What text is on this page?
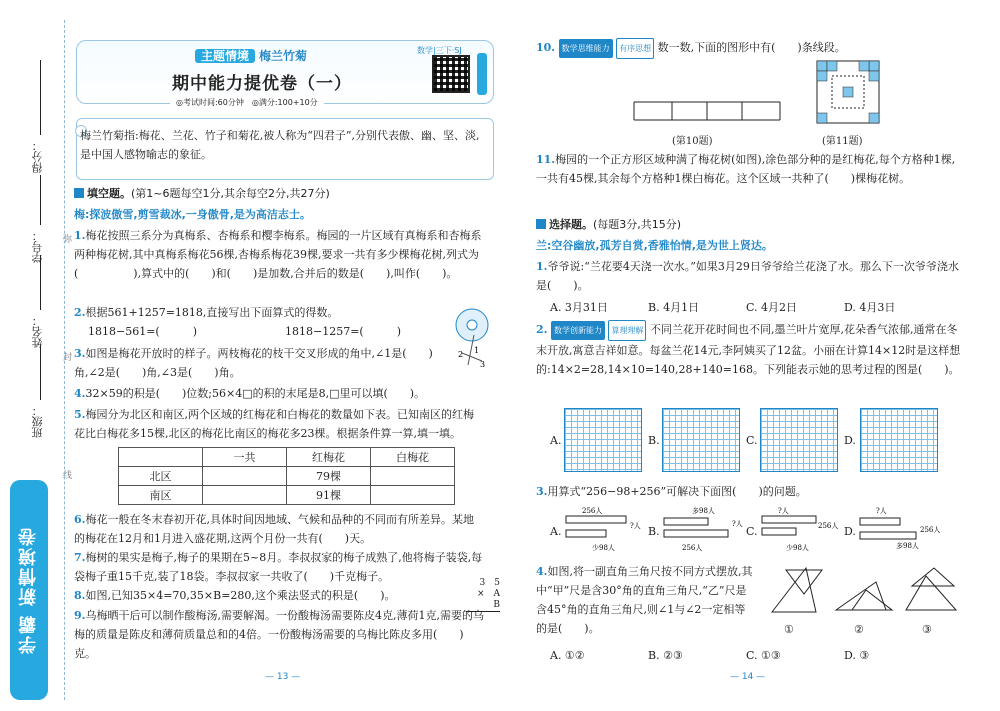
得分：
学号：
姓名：
班级：
弥
封
线
学霸 新情境卷
主题情境 梅兰竹菊
期中能力提优卷（一）
数学|三下·SJ
◎考试时间:60分钟　◎满分:100+10分
梅兰竹菊指:梅花、兰花、竹子和菊花,被人称为“四君子”,分别代表傲、幽、坚、淡,是中国人感物喻志的象征。
填空题。(第1~6题每空1分,其余每空2分,共27分)
梅:探波傲雪,剪雪裁冰,一身傲骨,是为高洁志士。
1.梅花按照三系分为真梅系、杏梅系和樱李梅系。梅园的一片区域有真梅系和杏梅系两种梅花树,其中真梅系梅花56棵,杏梅系梅花39棵,要求一共有多少棵梅花树,列式为(　　　　　),算式中的(　　)和(　　)是加数,合并后的数是(　　),叫作(　　)。
2.根据561+1257=1818,直接写出下面算式的得数。
1818−561=(　　　)　　　　　　　　1818−1257=(　　　)
2 1
3
3.如图是梅花开放时的样子。两枝梅花的枝干交叉形成的角中,∠1是(　　)角,∠2是(　　)角,∠3是(　　)角。
4.32×59的积是(　　)位数;56×4□的积的末尾是8,□里可以填(　　)。
5.梅园分为北区和南区,两个区域的红梅花和白梅花的数量如下表。已知南区的红梅花比白梅花多15棵,北区的梅花比南区的梅花多23棵。根据条件算一算,填一填。
	一共	红梅花	白梅花
北区		79棵	
南区		91棵	
6.梅花一般在冬末春初开花,具体时间因地域、气候和品种的不同而有所差异。某地的梅花在12月和1月进入盛花期,这两个月份一共有(　　)天。
7.梅树的果实是梅子,梅子的果期在5~8月。李叔叔家的梅子成熟了,他将梅子装袋,每袋梅子重15千克,装了18袋。李叔叔家一共收了(　　)千克梅子。
8.如图,已知35×4=70,35×B=280,这个乘法竖式的积是(　　)。
3　5
×　A　B
9.乌梅晒干后可以制作酸梅汤,需要解渴。一份酸梅汤需要陈皮4克,薄荷1克,需要的乌梅的质量是陈皮和薄荷质量总和的4倍。一份酸梅汤需要的乌梅比陈皮多用(　　)克。
— 13 —
10. 数学思维能力 有序思想 数一数,下面的图形中有(　　)条线段。
(第10题)	(第11题)
11.梅园的一个正方形区域种满了梅花树(如图),涂色部分种的是红梅花,每个方格种1棵,一共有45棵,其余每个方格种1棵白梅花。这个区域一共种了(　　)棵梅花树。
选择题。(每题3分,共15分)
兰:空谷幽放,孤芳自赏,香雅怡情,是为世上贤达。
1.爷爷说:“兰花要4天浇一次水。”如果3月29日爷爷给兰花浇了水。那么下一次爷爷浇水是(　　)。
A. 3月31日	B. 4月1日	C. 4月2日	D. 4月3日
2. 数学创新能力 算理理解 不同兰花开花时间也不同,墨兰叶片宽厚,花朵香气浓郁,通常在冬末开放,寓意吉祥如意。每盆兰花14元,李阿姨买了12盆。小丽在计算14×12时是这样想的:14×2=28,14×10=140,28+140=168。下列能表示她的思考过程的图是(　　)。
A.	B.	C.	D.
3.用算式“256−98+256”可解决下面图(　　)的问题。
A.
256人
少98人
?人 B.
多98人
256人
?人
C.
?人
少98人
256人 D.
?人
多98人
256人
4.如图,将一副直角三角尺按不同方式摆放,其中“甲”尺是含30°角的直角三角尺,“乙”尺是含45°角的直角三角尺,则∠1与∠2一定相等的是(　　)。	①	②	③
A. ①②	B. ②③	C. ①③	D. ③
— 14 —
